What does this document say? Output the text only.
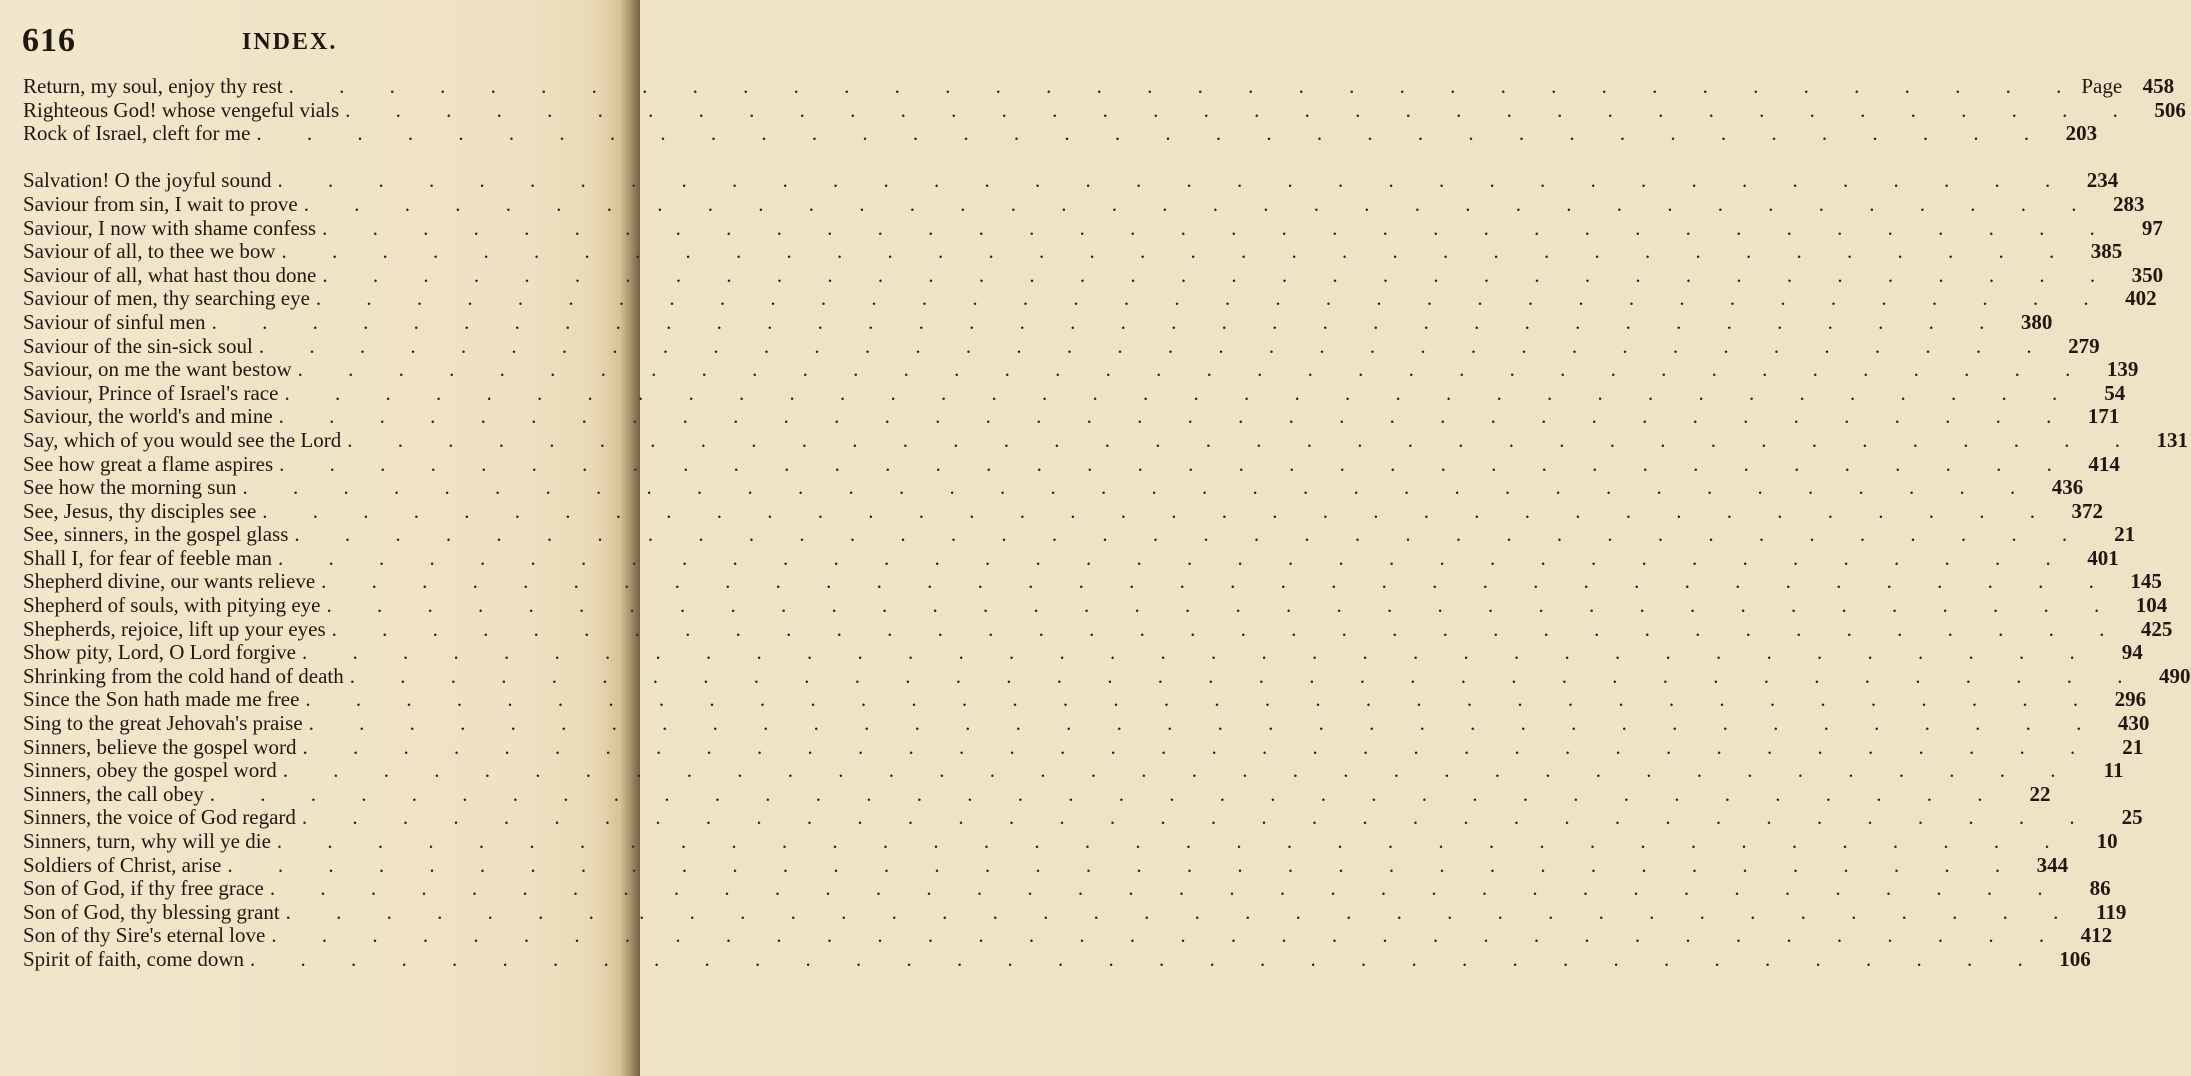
616	INDEX.
Return, my soul, enjoy thy rest . . .	Page 458
Righteous God! whose vengeful vials . . .	506
Rock of Israel, cleft for me . . .	203
Salvation! O the joyful sound . . .	234
Saviour from sin, I wait to prove . . .	283
Saviour, I now with shame confess . . .	97
Saviour of all, to thee we bow . . .	385
Saviour of all, what hast thou done . . .	350
Saviour of men, thy searching eye . . .	402
Saviour of sinful men . . .	380
Saviour of the sin-sick soul . . .	279
Saviour, on me the want bestow . . .	139
Saviour, Prince of Israel's race . . .	54
Saviour, the world's and mine . . .	171
Say, which of you would see the Lord . . .	131
See how great a flame aspires . . .	414
See how the morning sun . . .	436
See, Jesus, thy disciples see . . .	372
See, sinners, in the gospel glass . . .	21
Shall I, for fear of feeble man . . .	401
Shepherd divine, our wants relieve . . .	145
Shepherd of souls, with pitying eye . . .	104
Shepherds, rejoice, lift up your eyes . . .	425
Show pity, Lord, O Lord forgive . . .	94
Shrinking from the cold hand of death . . .	490
Since the Son hath made me free . . .	296
Sing to the great Jehovah's praise . . .	430
Sinners, believe the gospel word . . .	21
Sinners, obey the gospel word . . .	11
Sinners, the call obey . . .	22
Sinners, the voice of God regard . . .	25
Sinners, turn, why will ye die . . .	10
Soldiers of Christ, arise . . .	344
Son of God, if thy free grace . . .	86
Son of God, thy blessing grant . . .	119
Son of thy Sire's eternal love . . .	412
Spirit of faith, come down . . .	106
